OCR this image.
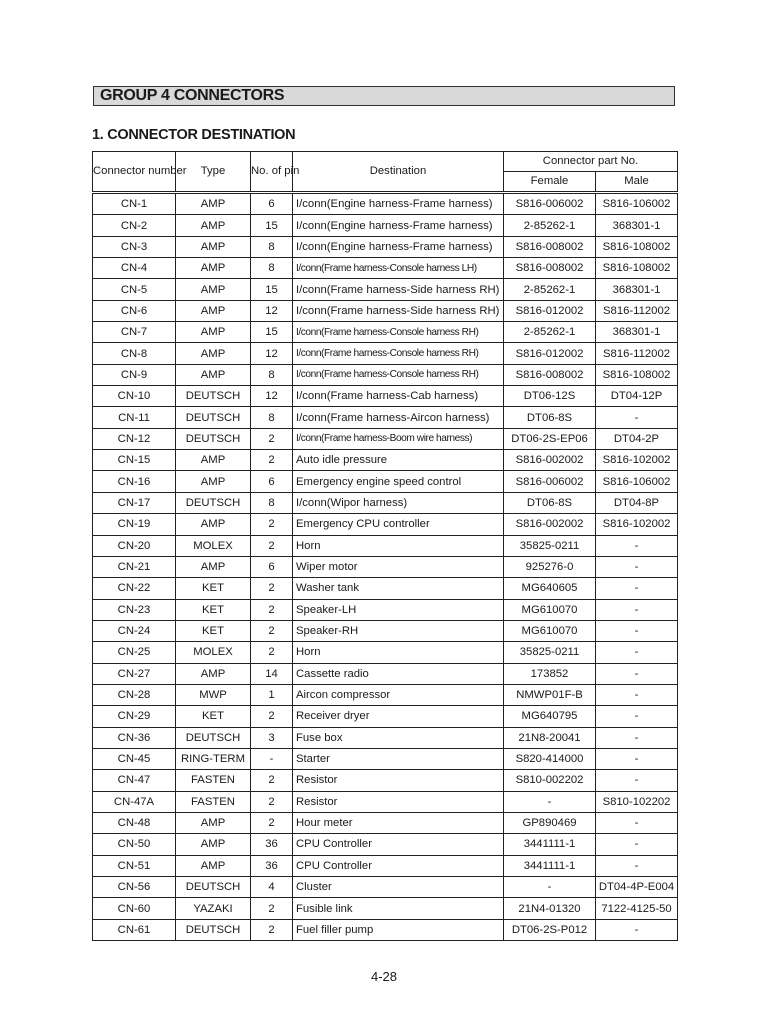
GROUP 4 CONNECTORS
1. CONNECTOR DESTINATION
Connector number	Type	No. of pin	Destination	Connector part No.	
				Female	Male
CN-1	AMP	6	I/conn(Engine harness-Frame harness)	S816-006002	S816-106002
CN-2	AMP	15	I/conn(Engine harness-Frame harness)	2-85262-1	368301-1
CN-3	AMP	8	I/conn(Engine harness-Frame harness)	S816-008002	S816-108002
CN-4	AMP	8	I/conn(Frame harness-Console harness LH)	S816-008002	S816-108002
CN-5	AMP	15	I/conn(Frame harness-Side harness RH)	2-85262-1	368301-1
CN-6	AMP	12	I/conn(Frame harness-Side harness RH)	S816-012002	S816-112002
CN-7	AMP	15	I/conn(Frame harness-Console harness RH)	2-85262-1	368301-1
CN-8	AMP	12	I/conn(Frame harness-Console harness RH)	S816-012002	S816-112002
CN-9	AMP	8	I/conn(Frame harness-Console harness RH)	S816-008002	S816-108002
CN-10	DEUTSCH	12	I/conn(Frame harness-Cab harness)	DT06-12S	DT04-12P
CN-11	DEUTSCH	8	I/conn(Frame harness-Aircon harness)	DT06-8S	-
CN-12	DEUTSCH	2	I/conn(Frame harness-Boom wire harness)	DT06-2S-EP06	DT04-2P
CN-15	AMP	2	Auto idle pressure	S816-002002	S816-102002
CN-16	AMP	6	Emergency engine speed control	S816-006002	S816-106002
CN-17	DEUTSCH	8	I/conn(Wipor harness)	DT06-8S	DT04-8P
CN-19	AMP	2	Emergency CPU controller	S816-002002	S816-102002
CN-20	MOLEX	2	Horn	35825-0211	-
CN-21	AMP	6	Wiper motor	925276-0	-
CN-22	KET	2	Washer tank	MG640605	-
CN-23	KET	2	Speaker-LH	MG610070	-
CN-24	KET	2	Speaker-RH	MG610070	-
CN-25	MOLEX	2	Horn	35825-0211	-
CN-27	AMP	14	Cassette radio	173852	-
CN-28	MWP	1	Aircon compressor	NMWP01F-B	-
CN-29	KET	2	Receiver dryer	MG640795	-
CN-36	DEUTSCH	3	Fuse box	21N8-20041	-
CN-45	RING-TERM	-	Starter	S820-414000	-
CN-47	FASTEN	2	Resistor	S810-002202	-
CN-47A	FASTEN	2	Resistor	-	S810-102202
CN-48	AMP	2	Hour meter	GP890469	-
CN-50	AMP	36	CPU Controller	3441111-1	-
CN-51	AMP	36	CPU Controller	3441111-1	-
CN-56	DEUTSCH	4	Cluster	-	DT04-4P-E004
CN-60	YAZAKI	2	Fusible link	21N4-01320	7122-4125-50
CN-61	DEUTSCH	2	Fuel filler pump	DT06-2S-P012	-
4-28
